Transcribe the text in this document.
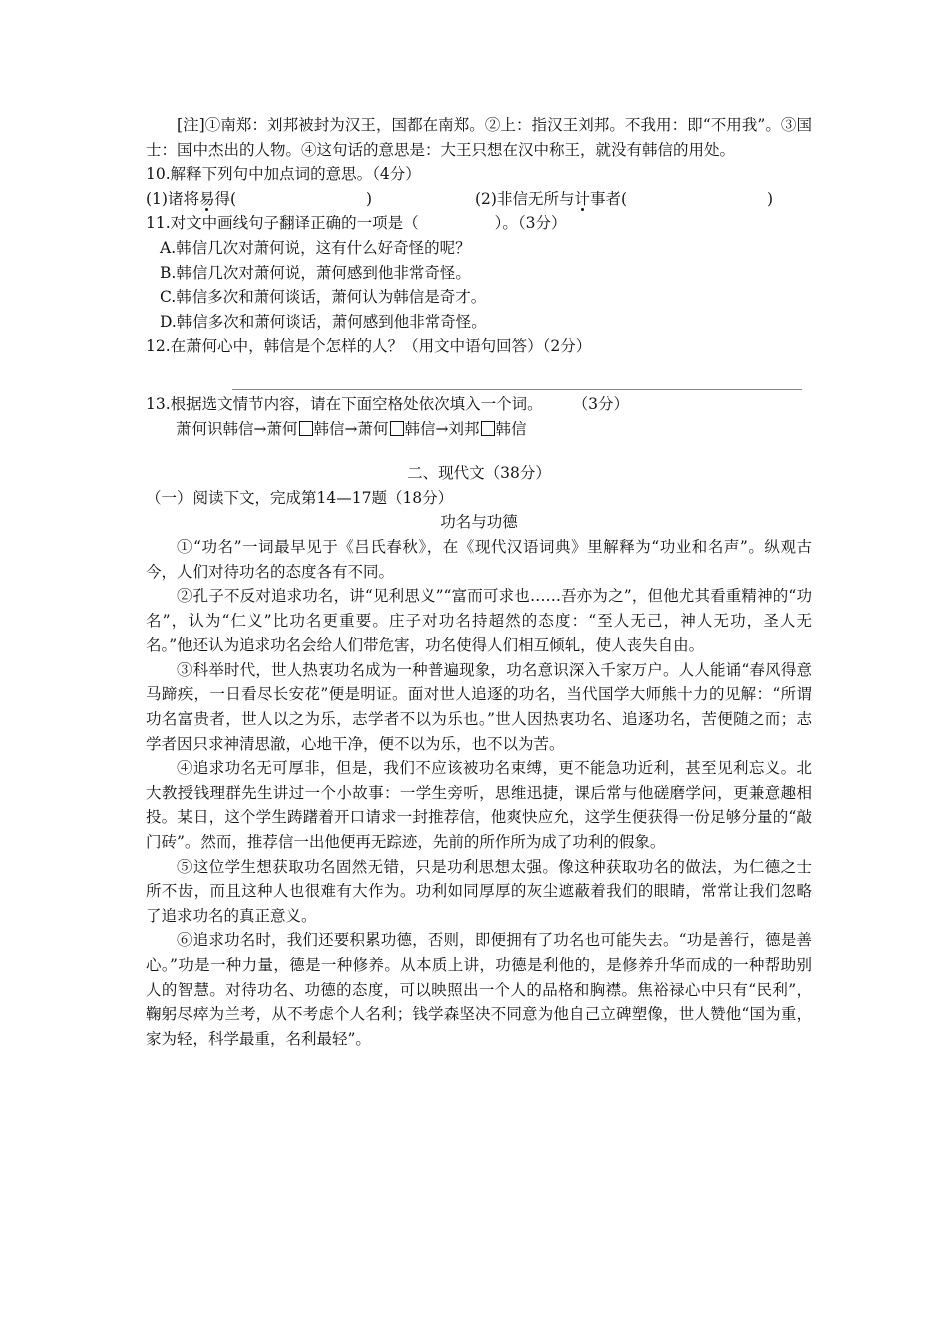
[注]①南郑：刘邦被封为汉王，国都在南郑。②上：指汉王刘邦。不我用：即“不用我”。③国士：国中杰出的人物。④这句话的意思是：大王只想在汉中称王，就没有韩信的用处。

10.解释下列句中加点词的意思。（4分）
(1)诸将易得(	)	(2)非信无所与计事者(	)
11.对文中画线句子翻译正确的一项是（	）。（3分）
A.韩信几次对萧何说，这有什么好奇怪的呢？
B.韩信几次对萧何说，萧何感到他非常奇怪。
C.韩信多次和萧何谈话，萧何认为韩信是奇才。
D.韩信多次和萧何谈话，萧何感到他非常奇怪。
12.在萧何心中，韩信是个怎样的人？（用文中语句回答）（2分）
13.根据选文情节内容，请在下面空格处依次填入一个词。 （3分）
萧何识韩信→萧何 韩信→萧何 韩信→刘邦 韩信
二、现代文（38分）
（一）阅读下文，完成第14—17题（18分）
功名与功德

①“功名”一词最早见于《吕氏春秋》，在《现代汉语词典》里解释为“功业和名声”。纵观古今，人们对待功名的态度各有不同。

②孔子不反对追求功名，讲“见利思义”“富而可求也……吾亦为之”，但他尤其看重精神的“功名”，认为“仁义”比功名更重要。庄子对功名持超然的态度：“至人无己，神人无功，圣人无名。”他还认为追求功名会给人们带危害，功名使得人们相互倾轧，使人丧失自由。

③科举时代，世人热衷功名成为一种普遍现象，功名意识深入千家万户。人人能诵“春风得意马蹄疾，一日看尽长安花”便是明证。面对世人追逐的功名，当代国学大师熊十力的见解：“所谓功名富贵者，世人以之为乐，志学者不以为乐也。”世人因热衷功名、追逐功名，苦便随之而；志学者因只求神清思澈，心地干净，便不以为乐，也不以为苦。

④追求功名无可厚非，但是，我们不应该被功名束缚，更不能急功近利，甚至见利忘义。北大教授钱理群先生讲过一个小故事：一学生旁听，思维迅捷，课后常与他磋磨学问，更兼意趣相投。某日，这个学生踌躇着开口请求一封推荐信，他爽快应允，这学生便获得一份足够分量的“敲门砖”。然而，推荐信一出他便再无踪迹，先前的所作所为成了功利的假象。

⑤这位学生想获取功名固然无错，只是功利思想太强。像这种获取功名的做法，为仁德之士所不齿，而且这种人也很难有大作为。功利如同厚厚的灰尘遮蔽着我们的眼睛，常常让我们忽略了追求功名的真正意义。

⑥追求功名时，我们还要积累功德，否则，即便拥有了功名也可能失去。“功是善行，德是善心。”功是一种力量，德是一种修养。从本质上讲，功德是利他的，是修养升华而成的一种帮助别人的智慧。对待功名、功德的态度，可以映照出一个人的品格和胸襟。焦裕禄心中只有“民利”，鞠躬尽瘁为兰考，从不考虑个人名利；钱学森坚决不同意为他自己立碑塑像，世人赞他“国为重，家为轻，科学最重，名利最轻”。
